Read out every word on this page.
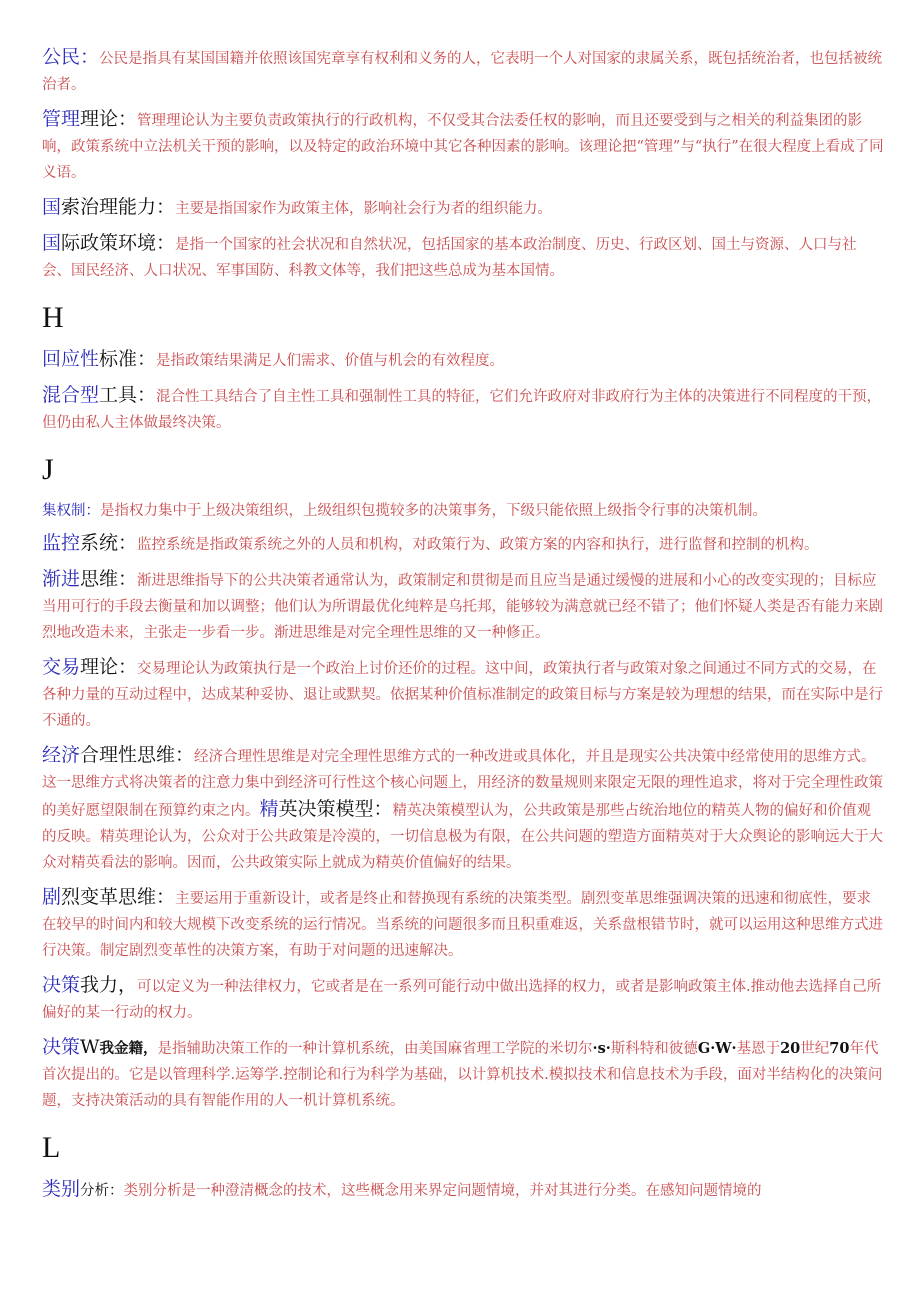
公民：公民是指具有某国国籍并依照该国宪章享有权利和义务的人，它表明一个人对国家的隶属关系，既包括统治者，也包括被统治者。

管理理论：管理理论认为主要负责政策执行的行政机构，不仅受其合法委任权的影响，而且还要受到与之相关的利益集团的影响，政策系统中立法机关干预的影响，以及特定的政治环境中其它各种因素的影响。该理论把“管理”与“执行”在很大程度上看成了同义语。

国索治理能力：主要是指国家作为政策主体，影响社会行为者的组织能力。

国际政策环境：是指一个国家的社会状况和自然状况，包括国家的基本政治制度、历史、行政区划、国土与资源、人口与社会、国民经济、人口状况、军事国防、科教文体等，我们把这些总成为基本国情。

H

回应性标准：是指政策结果满足人们需求、价值与机会的有效程度。

混合型工具：混合性工具结合了自主性工具和强制性工具的特征，它们允许政府对非政府行为主体的决策进行不同程度的干预，但仍由私人主体做最终决策。

J

集权制：是指权力集中于上级决策组织，上级组织包揽较多的决策事务，下级只能依照上级指令行事的决策机制。

监控系统：监控系统是指政策系统之外的人员和机构，对政策行为、政策方案的内容和执行，进行监督和控制的机构。

渐进思维：渐进思维指导下的公共决策者通常认为，政策制定和贯彻是而且应当是通过缓慢的进展和小心的改变实现的；目标应当用可行的手段去衡量和加以调整；他们认为所谓最优化纯粹是乌托邦，能够较为满意就已经不错了；他们怀疑人类是否有能力来剧烈地改造未来，主张走一步看一步。渐进思维是对完全理性思维的又一种修正。

交易理论：交易理论认为政策执行是一个政治上讨价还价的过程。这中间，政策执行者与政策对象之间通过不同方式的交易，在各种力量的互动过程中，达成某种妥协、退让或默契。依据某种价值标准制定的政策目标与方案是较为理想的结果，而在实际中是行不通的。

经济合理性思维：经济合理性思维是对完全理性思维方式的一种改进或具体化，并且是现实公共决策中经常使用的思维方式。这一思维方式将决策者的注意力集中到经济可行性这个核心问题上，用经济的数量规则来限定无限的理性追求，将对于完全理性政策的美好愿望限制在预算约束之内。精英决策模型：精英决策模型认为，公共政策是那些占统治地位的精英人物的偏好和价值观的反映。精英理论认为，公众对于公共政策是冷漠的，一切信息极为有限，在公共问题的塑造方面精英对于大众舆论的影响远大于大众对精英看法的影响。因而，公共政策实际上就成为精英价值偏好的结果。

剧烈变革思维：主要运用于重新设计，或者是终止和替换现有系统的决策类型。剧烈变革思维强调决策的迅速和彻底性，要求在较早的时间内和较大规模下改变系统的运行情况。当系统的问题很多而且积重难返，关系盘根错节时，就可以运用这种思维方式进行决策。制定剧烈变革性的决策方案，有助于对问题的迅速解决。

决策我力，可以定义为一种法律权力，它或者是在一系列可能行动中做出选择的权力，或者是影响政策主体.推动他去选择自己所偏好的某一行动的权力。

决策W我金籍，是指辅助决策工作的一种计算机系统，由美国麻省理工学院的米切尔·s·斯科特和彼德G·W·基恩于20世纪70年代首次提出的。它是以管理科学.运筹学.控制论和行为科学为基础，以计算机技术.模拟技术和信息技术为手段，面对半结构化的决策问题，支持决策活动的具有智能作用的人一机计算机系统。

L

类别分析：类别分析是一种澄清概念的技术，这些概念用来界定问题情境，并对其进行分类。在感知问题情境的
